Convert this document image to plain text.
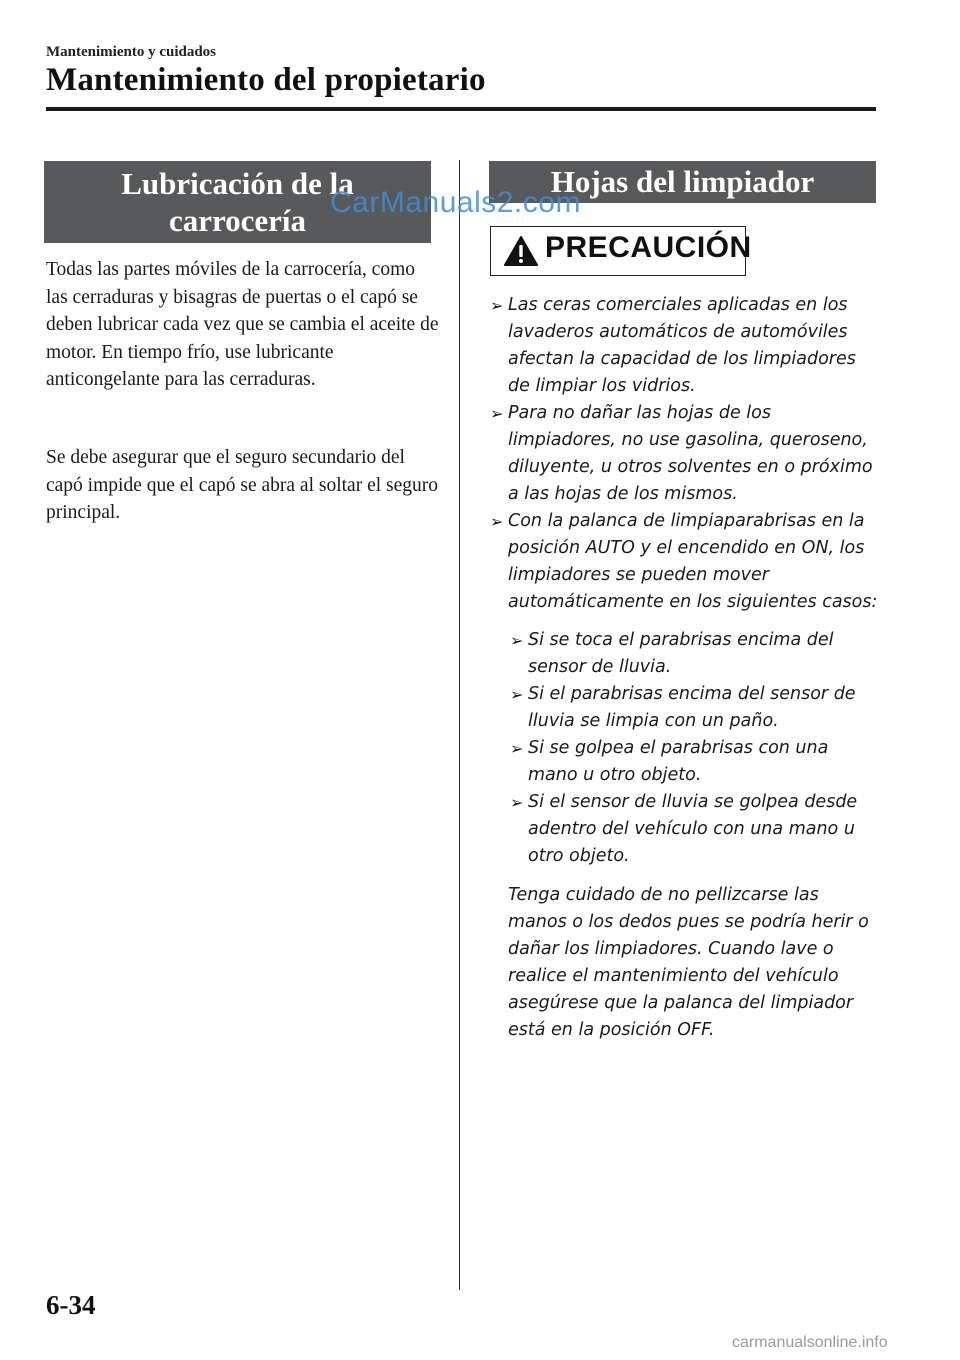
Mantenimiento y cuidados
Mantenimiento del propietario
Lubricación de la
carrocería
Todas las partes móviles de la carrocería, como las cerraduras y bisagras de puertas o el capó se deben lubricar cada vez que se cambia el aceite de motor. En tiempo frío, use lubricante anticongelante para las cerraduras.
Se debe asegurar que el seguro secundario del capó impide que el capó se abra al soltar el seguro principal.
Hojas del limpiador
PRECAUCIÓN
➢ Las ceras comerciales aplicadas en los lavaderos automáticos de automóviles afectan la capacidad de los limpiadores de limpiar los vidrios.
➢ Para no dañar las hojas de los limpiadores, no use gasolina, queroseno, diluyente, u otros solventes en o próximo a las hojas de los mismos.
➢ Con la palanca de limpiaparabrisas en la posición AUTO y el encendido en ON, los limpiadores se pueden mover automáticamente en los siguientes casos:
➢ Si se toca el parabrisas encima del sensor de lluvia.
➢ Si el parabrisas encima del sensor de lluvia se limpia con un paño.
➢ Si se golpea el parabrisas con una mano u otro objeto.
➢ Si el sensor de lluvia se golpea desde adentro del vehículo con una mano u otro objeto.
Tenga cuidado de no pellizcarse las manos o los dedos pues se podría herir o dañar los limpiadores. Cuando lave o realice el mantenimiento del vehículo asegúrese que la palanca del limpiador está en la posición OFF.
CarManuals2.com
6-34
carmanualsonline.info
